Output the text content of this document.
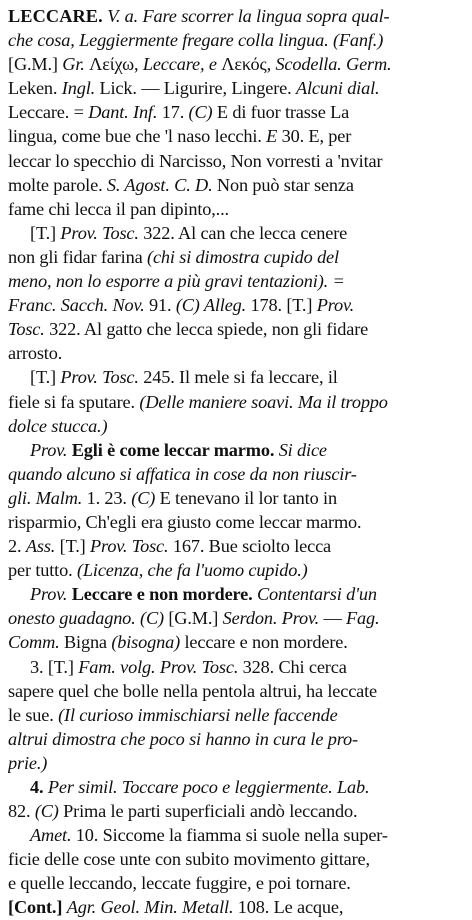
LECCARE. V. a. Fare scorrer la lingua sopra qual-
che cosa, Leggiermente fregare colla lingua. (Fanf.)
[G.M.] Gr. Λείχω, Leccare, e Λεκός, Scodella. Germ.
Leken. Ingl. Lick. — Ligurire, Lingere. Alcuni dial.
Leccare. = Dant. Inf. 17. (C) E di fuor trasse La
lingua, come bue che 'l naso lecchi. E 30. E, per
leccar lo specchio di Narcisso, Non vorresti a 'nvitar
molte parole. S. Agost. C. D. Non può star senza
fame chi lecca il pan dipinto,...
[T.] Prov. Tosc. 322. Al can che lecca cenere
non gli fidar farina (chi si dimostra cupido del
meno, non lo esporre a più gravi tentazioni). =
Franc. Sacch. Nov. 91. (C) Alleg. 178. [T.] Prov.
Tosc. 322. Al gatto che lecca spiede, non gli fidare
arrosto.
[T.] Prov. Tosc. 245. Il mele si fa leccare, il
fiele si fa sputare. (Delle maniere soavi. Ma il troppo
dolce stucca.)
Prov. Egli è come leccar marmo. Si dice
quando alcuno si affatica in cose da non riuscir-
gli. Malm. 1. 23. (C) E tenevano il lor tanto in
risparmio, Ch'egli era giusto come leccar marmo.
2. Ass. [T.] Prov. Tosc. 167. Bue sciolto lecca
per tutto. (Licenza, che fa l'uomo cupido.)
Prov. Leccare e non mordere. Contentarsi d'un
onesto guadagno. (C) [G.M.] Serdon. Prov. — Fag.
Comm. Bigna (bisogna) leccare e non mordere.
3. [T.] Fam. volg. Prov. Tosc. 328. Chi cerca
sapere quel che bolle nella pentola altrui, ha leccate
le sue. (Il curioso immischiarsi nelle faccende
altrui dimostra che poco si hanno in cura le pro-
prie.)
4. Per simil. Toccare poco e leggiermente. Lab.
82. (C) Prima le parti superficiali andò leccando.
Amet. 10. Siccome la fiamma si suole nella super-
ficie delle cose unte con subito movimento gittare,
e quelle leccando, leccate fuggire, e poi tornare.
[Cont.] Agr. Geol. Min. Metall. 108. Le acque,
